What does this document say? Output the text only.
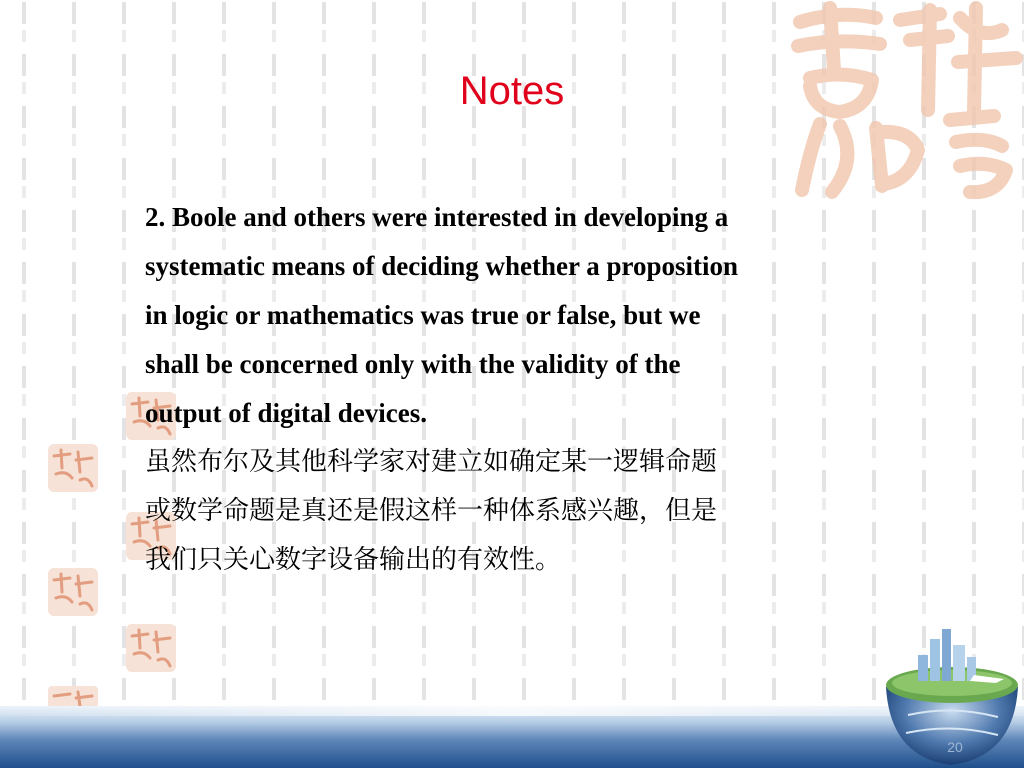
20
Notes
2. Boole and others were interested in developing a
systematic means of deciding whether a proposition
in logic or mathematics was true or false, but we
shall be concerned only with the validity of the
output of digital devices.
虽然布尔及其他科学家对建立如确定某一逻辑命题
或数学命题是真还是假这样一种体系感兴趣，但是
我们只关心数字设备输出的有效性。
